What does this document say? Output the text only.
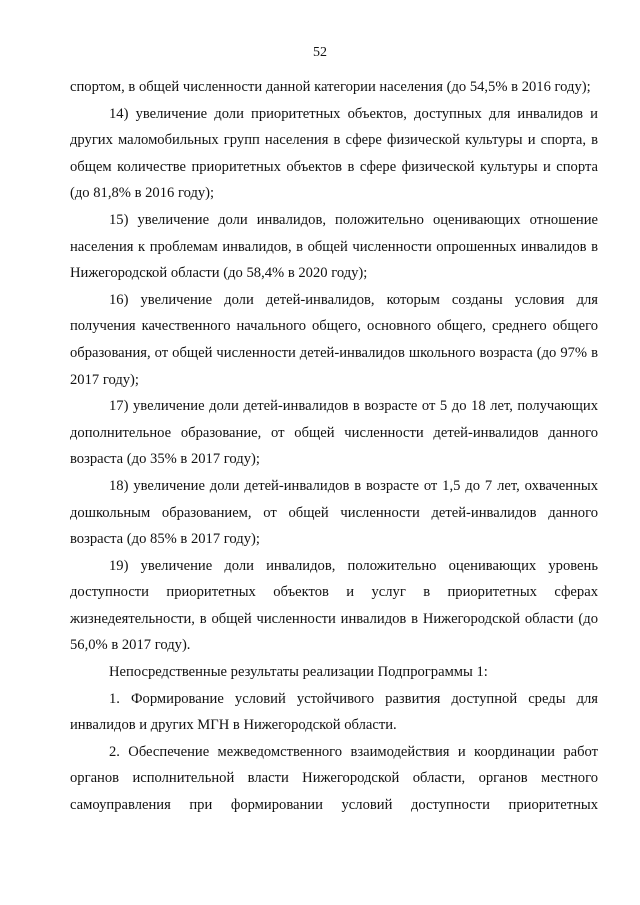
52

спортом, в общей численности данной категории населения (до 54,5% в 2016 году);

14) увеличение доли приоритетных объектов, доступных для инвалидов и других маломобильных групп населения в сфере физической культуры и спорта, в общем количестве приоритетных объектов в сфере физической культуры и спорта (до 81,8% в 2016 году);

15) увеличение доли инвалидов, положительно оценивающих отношение населения к проблемам инвалидов, в общей численности опрошенных инвалидов в Нижегородской области (до 58,4% в 2020 году);

16) увеличение доли детей-инвалидов, которым созданы условия для получения качественного начального общего, основного общего, среднего общего образования, от общей численности детей-инвалидов школьного возраста (до 97% в 2017 году);

17) увеличение доли детей-инвалидов в возрасте от 5 до 18 лет, получающих дополнительное образование, от общей численности детей-инвалидов данного возраста (до 35% в 2017 году);

18) увеличение доли детей-инвалидов в возрасте от 1,5 до 7 лет, охваченных дошкольным образованием, от общей численности детей-инвалидов данного возраста (до 85% в 2017 году);

19) увеличение доли инвалидов, положительно оценивающих уровень доступности приоритетных объектов и услуг в приоритетных сферах жизнедеятельности, в общей численности инвалидов в Нижегородской области (до 56,0% в 2017 году).

Непосредственные результаты реализации Подпрограммы 1:

1. Формирование условий устойчивого развития доступной среды для инвалидов и других МГН в Нижегородской области.

2. Обеспечение межведомственного взаимодействия и координации работ органов исполнительной власти Нижегородской области, органов местного самоуправления при формировании условий доступности приоритетных
